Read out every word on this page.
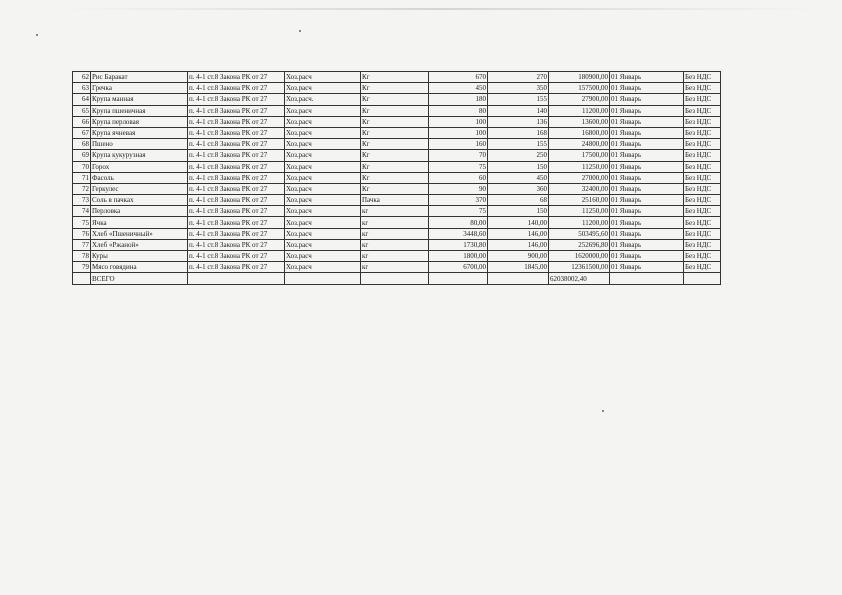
62	Рис Баракат	п. 4-1 ст.8 Закона РК от 27	Хоз.расч	Кг	670	270	180900,00	01 Январь	Без НДС
63	Гречка	п. 4-1 ст.8 Закона РК от 27	Хоз.расч	Кг	450	350	157500,00	01 Январь	Без НДС
64	Крупа манная	п. 4-1 ст.8 Закона РК от 27	Хоз.расч.	Кг	180	155	27900,00	01 Январь	Без НДС
65	Крупа пшеничная	п. 4-1 ст.8 Закона РК от 27	Хоз.расч	Кг	80	140	11200,00	01 Январь	Без НДС
66	Крупа перловая	п. 4-1 ст.8 Закона РК от 27	Хоз.расч	Кг	100	136	13600,00	01 Январь	Без НДС
67	Крупа ячневая	п. 4-1 ст.8 Закона РК от 27	Хоз.расч	Кг	100	168	16800,00	01 Январь	Без НДС
68	Пшено	п. 4-1 ст.8 Закона РК от 27	Хоз.расч	Кг	160	155	24800,00	01 Январь	Без НДС
69	Крупа кукурузная	п. 4-1 ст.8 Закона РК от 27	Хоз.расч	Кг	70	250	17500,00	01 Январь	Без НДС
70	Горох	п. 4-1 ст.8 Закона РК от 27	Хоз.расч	Кг	75	150	11250,00	01 Январь	Без НДС
71	Фасоль	п. 4-1 ст.8 Закона РК от 27	Хоз.расч	Кг	60	450	27000,00	01 Январь	Без НДС
72	Геркулес	п. 4-1 ст.8 Закона РК от 27	Хоз.расч	Кг	90	360	32400,00	01 Январь	Без НДС
73	Соль в пачках	п. 4-1 ст.8 Закона РК от 27	Хоз.расч	Пачка	370	68	25160,00	01 Январь	Без НДС
74	Перловка	п. 4-1 ст.8 Закона РК от 27	Хоз.расч	кг	75	150	11250,00	01 Январь	Без НДС
75	Ячка	п. 4-1 ст.8 Закона РК от 27	Хоз.расч	кг	80,00	140,00	11200,00	01 Январь	Без НДС
76	Хлеб «Пшеничный»	п. 4-1 ст.8 Закона РК от 27	Хоз.расч	кг	3448,60	146,00	503495,60	01 Январь	Без НДС
77	Хлеб «Ржаной»	п. 4-1 ст.8 Закона РК от 27	Хоз.расч	кг	1730,80	146,00	252696,80	01 Январь	Без НДС
78	Куры	п. 4-1 ст.8 Закона РК от 27	Хоз.расч	кг	1800,00	900,00	1620000,00	01 Январь	Без НДС
79	Мясо говядина	п. 4-1 ст.8 Закона РК от 27	Хоз.расч	кг	6700,00	1845,00	12361500,00	01 Январь	Без НДС
	ВСЕГО						62038002,40		
